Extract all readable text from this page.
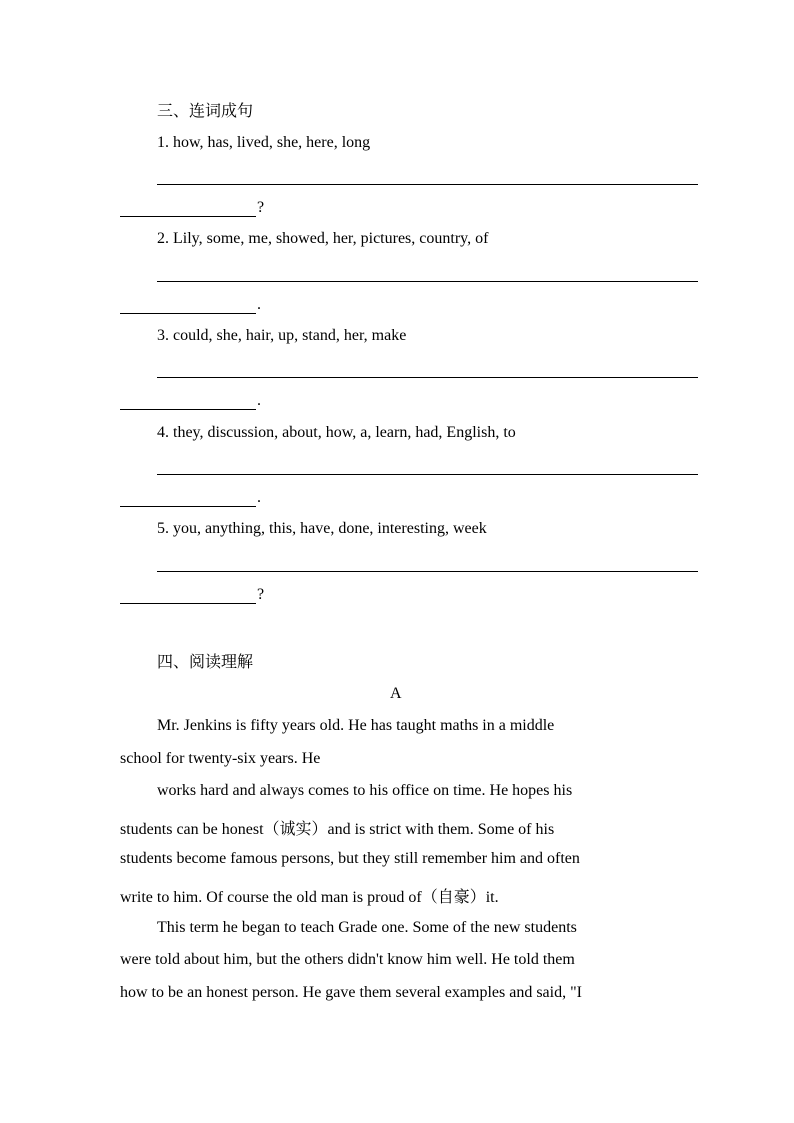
三、连词成句
1. how, has, lived, she, here, long
?
2. Lily, some, me, showed, her, pictures, country, of
.
3. could, she, hair, up, stand, her, make
.
4. they, discussion, about, how, a, learn, had, English, to
.
5. you, anything, this, have, done, interesting, week
?
四、阅读理解
A
Mr. Jenkins is fifty years old. He has taught maths in a middle
school for twenty-six years. He
works hard and always comes to his office on time. He hopes his
students can be honest（诚实）and is strict with them. Some of his
students become famous persons, but they still remember him and often
write to him. Of course the old man is proud of（自豪）it.
This term he began to teach Grade one. Some of the new students
were told about him, but the others didn't know him well. He told them
how to be an honest person. He gave them several examples and said, "I
